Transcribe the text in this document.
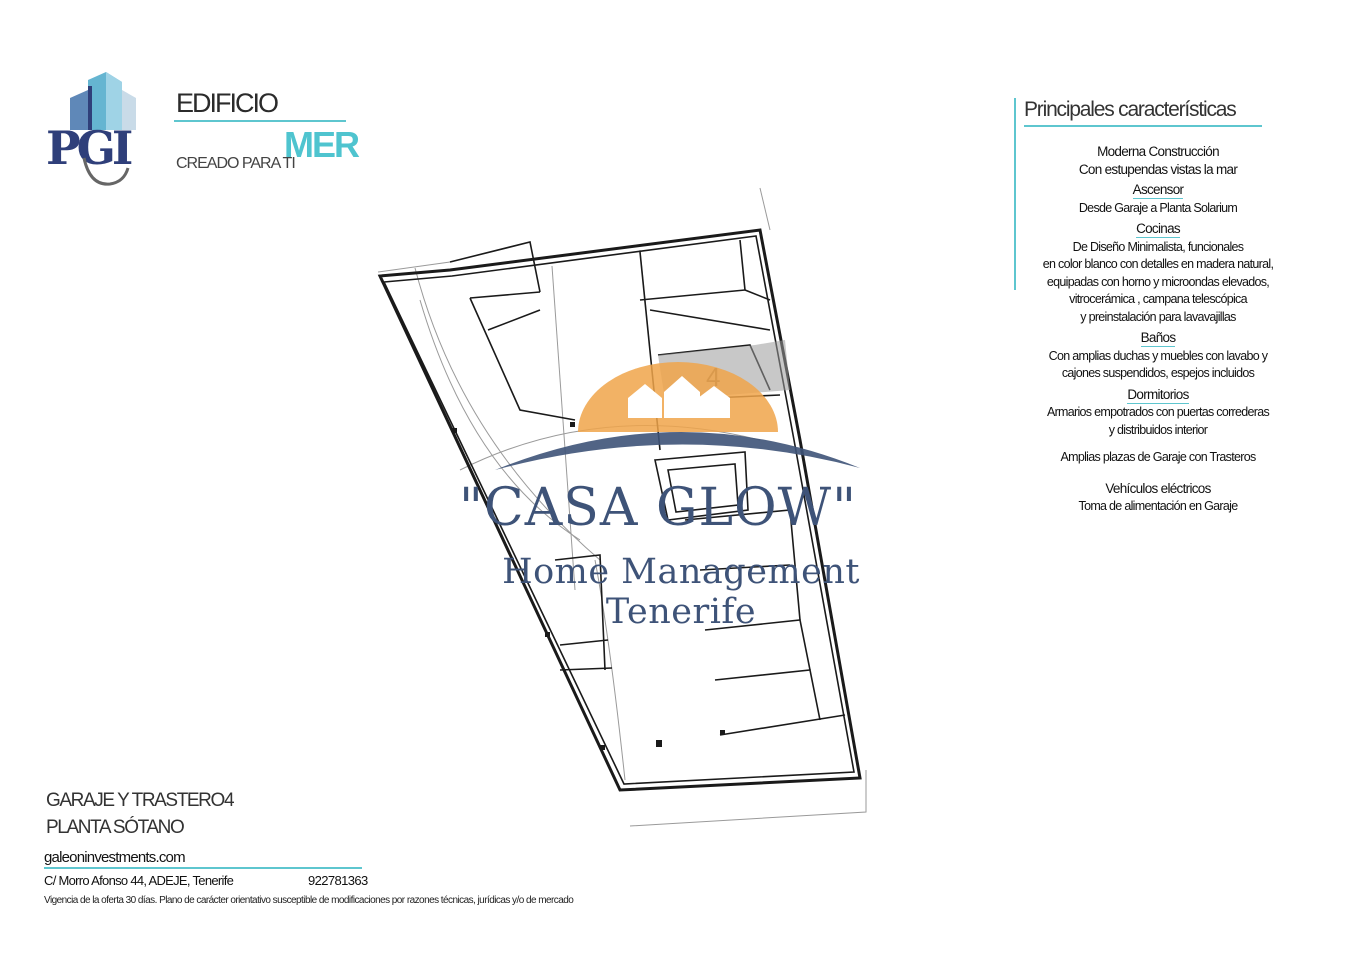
PGI
EDIFICIO
CREADO PARA TI
MER
Principales características
Moderna Construcción
Con estupendas vistas la mar
Ascensor
Desde Garaje a Planta Solarium
Cocinas
De Diseño Minimalista, funcionales
en color blanco con detalles en madera natural,
equipadas con horno y microondas elevados,
vitrocerámica , campana telescópica
y preinstalación para lavavajillas
Baños
Con amplias duchas y muebles con lavabo y
cajones suspendidos, espejos incluidos
Dormitorios
Armarios empotrados con puertas correderas
y distribuidos interior
Amplias plazas de Garaje con Trasteros
Vehículos eléctricos
Toma de alimentación en Garaje
"CASA GLOW"
Home Management Tenerife
GARAJE Y TRASTERO 4
PLANTA SÓTANO
galeoninvestments.com
C/ Morro Afonso 44, ADEJE, Tenerife	922781363
Vigencia de la oferta 30 días. Plano de carácter orientativo susceptible de modificaciones por razones técnicas, jurídicas y/o de mercado
